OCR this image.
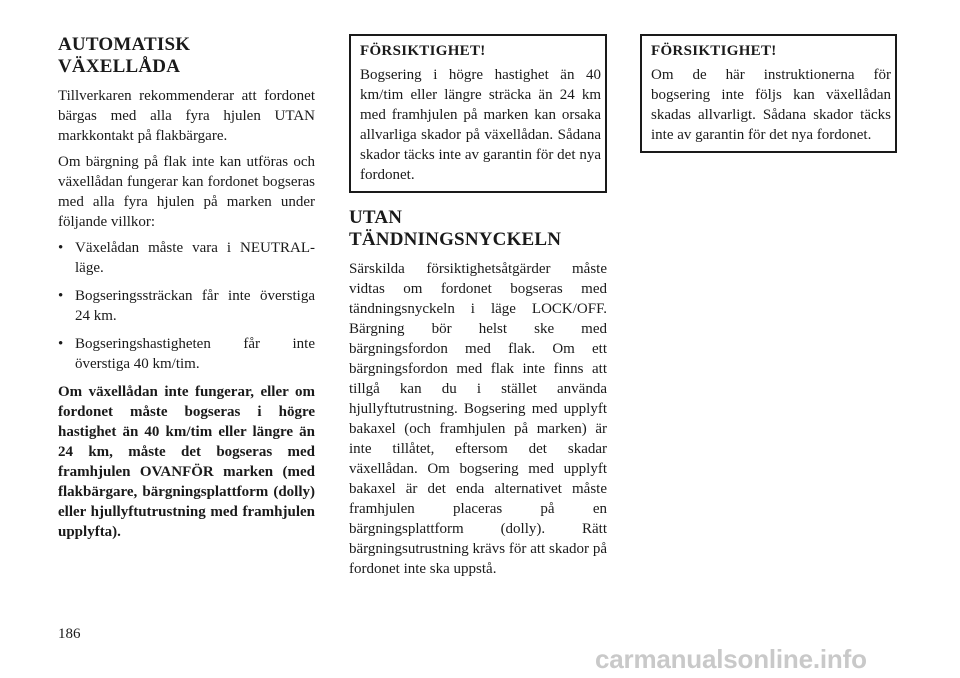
AUTOMATISK
VÄXELLÅDA

Tillverkaren rekommenderar att fordonet bärgas med alla fyra hjulen UTAN markkontakt på flakbärgare.

Om bärgning på flak inte kan utföras och växellådan fungerar kan fordonet bogseras med alla fyra hjulen på marken under följande villkor:

• Växelådan måste vara i NEUTRAL-läge.
• Bogseringssträckan får inte överstiga 24 km.
• Bogseringshastigheten får inte överstiga 40 km/tim.

Om växellådan inte fungerar, eller om fordonet måste bogseras i högre hastighet än 40 km/tim eller längre än 24 km, måste det bogseras med framhjulen OVANFÖR marken (med flakbärgare, bärgningsplattform (dolly) eller hjullyftutrustning med framhjulen upplyfta).

FÖRSIKTIGHET!

Bogsering i högre hastighet än 40 km/tim eller längre sträcka än 24 km med framhjulen på marken kan orsaka allvarliga skador på växellådan. Sådana skador täcks inte av garantin för det nya fordonet.

UTAN
TÄNDNINGSNYCKELN

Särskilda försiktighetsåtgärder måste vidtas om fordonet bogseras med tändningsnyckeln i läge LOCK/OFF. Bärgning bör helst ske med bärgningsfordon med flak. Om ett bärgningsfordon med flak inte finns att tillgå kan du i stället använda hjullyftutrustning. Bogsering med upplyft bakaxel (och framhjulen på marken) är inte tillåtet, eftersom det skadar växellådan. Om bogsering med upplyft bakaxel är det enda alternativet måste framhjulen placeras på en bärgningsplattform (dolly). Rätt bärgningsutrustning krävs för att skador på fordonet inte ska uppstå.

FÖRSIKTIGHET!

Om de här instruktionerna för bogsering inte följs kan växellådan skadas allvarligt. Sådana skador täcks inte av garantin för det nya fordonet.

186
carmanualsonline.info
